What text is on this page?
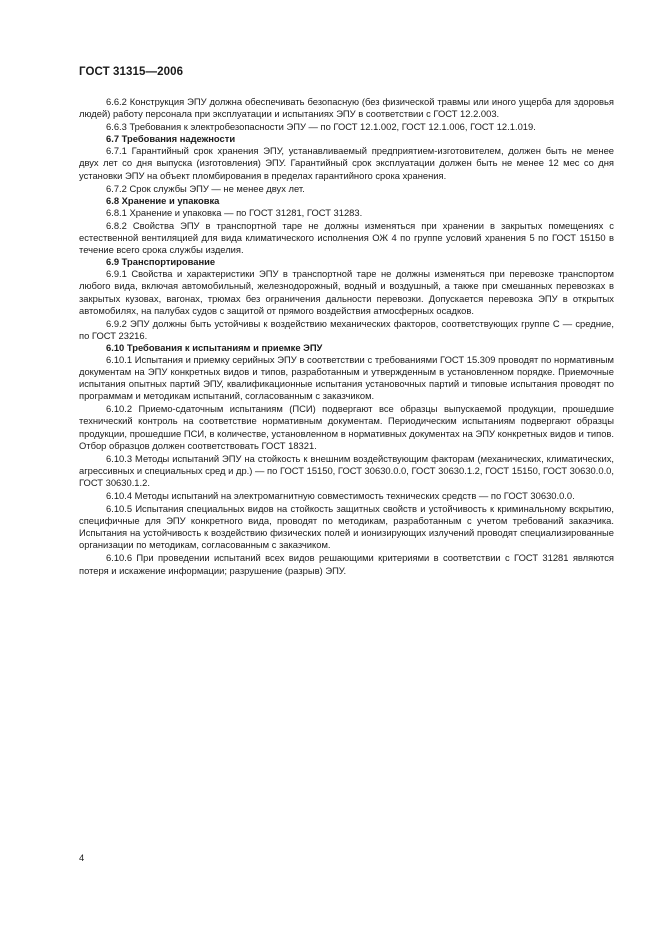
ГОСТ 31315—2006

6.6.2 Конструкция ЭПУ должна обеспечивать безопасную (без физической травмы или иного ущерба для здоровья людей) работу персонала при эксплуатации и испытаниях ЭПУ в соответствии с ГОСТ 12.2.003.

6.6.3 Требования к электробезопасности ЭПУ — по ГОСТ 12.1.002, ГОСТ 12.1.006, ГОСТ 12.1.019.

6.7 Требования надежности

6.7.1 Гарантийный срок хранения ЭПУ, устанавливаемый предприятием-изготовителем, должен быть не менее двух лет со дня выпуска (изготовления) ЭПУ. Гарантийный срок эксплуатации должен быть не менее 12 мес со дня установки ЭПУ на объект пломбирования в пределах гарантийного срока хранения.

6.7.2 Срок службы ЭПУ — не менее двух лет.

6.8 Хранение и упаковка

6.8.1 Хранение и упаковка — по ГОСТ 31281, ГОСТ 31283.

6.8.2 Свойства ЭПУ в транспортной таре не должны изменяться при хранении в закрытых помещениях с естественной вентиляцией для вида климатического исполнения ОЖ 4 по группе условий хранения 5 по ГОСТ 15150 в течение всего срока службы изделия.

6.9 Транспортирование

6.9.1 Свойства и характеристики ЭПУ в транспортной таре не должны изменяться при перевозке транспортом любого вида, включая автомобильный, железнодорожный, водный и воздушный, а также при смешанных перевозках в закрытых кузовах, вагонах, трюмах без ограничения дальности перевозки. Допускается перевозка ЭПУ в открытых автомобилях, на палубах судов с защитой от прямого воздействия атмосферных осадков.

6.9.2 ЭПУ должны быть устойчивы к воздействию механических факторов, соответствующих группе С — средние, по ГОСТ 23216.

6.10 Требования к испытаниям и приемке ЭПУ

6.10.1 Испытания и приемку серийных ЭПУ в соответствии с требованиями ГОСТ 15.309 проводят по нормативным документам на ЭПУ конкретных видов и типов, разработанным и утвержденным в установленном порядке. Приемочные испытания опытных партий ЭПУ, квалификационные испытания установочных партий и типовые испытания проводят по программам и методикам испытаний, согласованным с заказчиком.

6.10.2 Приемо-сдаточным испытаниям (ПСИ) подвергают все образцы выпускаемой продукции, прошедшие технический контроль на соответствие нормативным документам. Периодическим испытаниям подвергают образцы продукции, прошедшие ПСИ, в количестве, установленном в нормативных документах на ЭПУ конкретных видов и типов. Отбор образцов должен соответствовать ГОСТ 18321.

6.10.3 Методы испытаний ЭПУ на стойкость к внешним воздействующим факторам (механических, климатических, агрессивных и специальных сред и др.) — по ГОСТ 15150, ГОСТ 30630.0.0, ГОСТ 30630.1.2, ГОСТ 15150, ГОСТ 30630.0.0, ГОСТ 30630.1.2.

6.10.4 Методы испытаний на электромагнитную совместимость технических средств — по ГОСТ 30630.0.0.

6.10.5 Испытания специальных видов на стойкость защитных свойств и устойчивость к криминальному вскрытию, специфичные для ЭПУ конкретного вида, проводят по методикам, разработанным с учетом требований заказчика. Испытания на устойчивость к воздействию физических полей и ионизирующих излучений проводят специализированные организации по методикам, согласованным с заказчиком.

6.10.6 При проведении испытаний всех видов решающими критериями в соответствии с ГОСТ 31281 являются потеря и искажение информации; разрушение (разрыв) ЭПУ.

4
